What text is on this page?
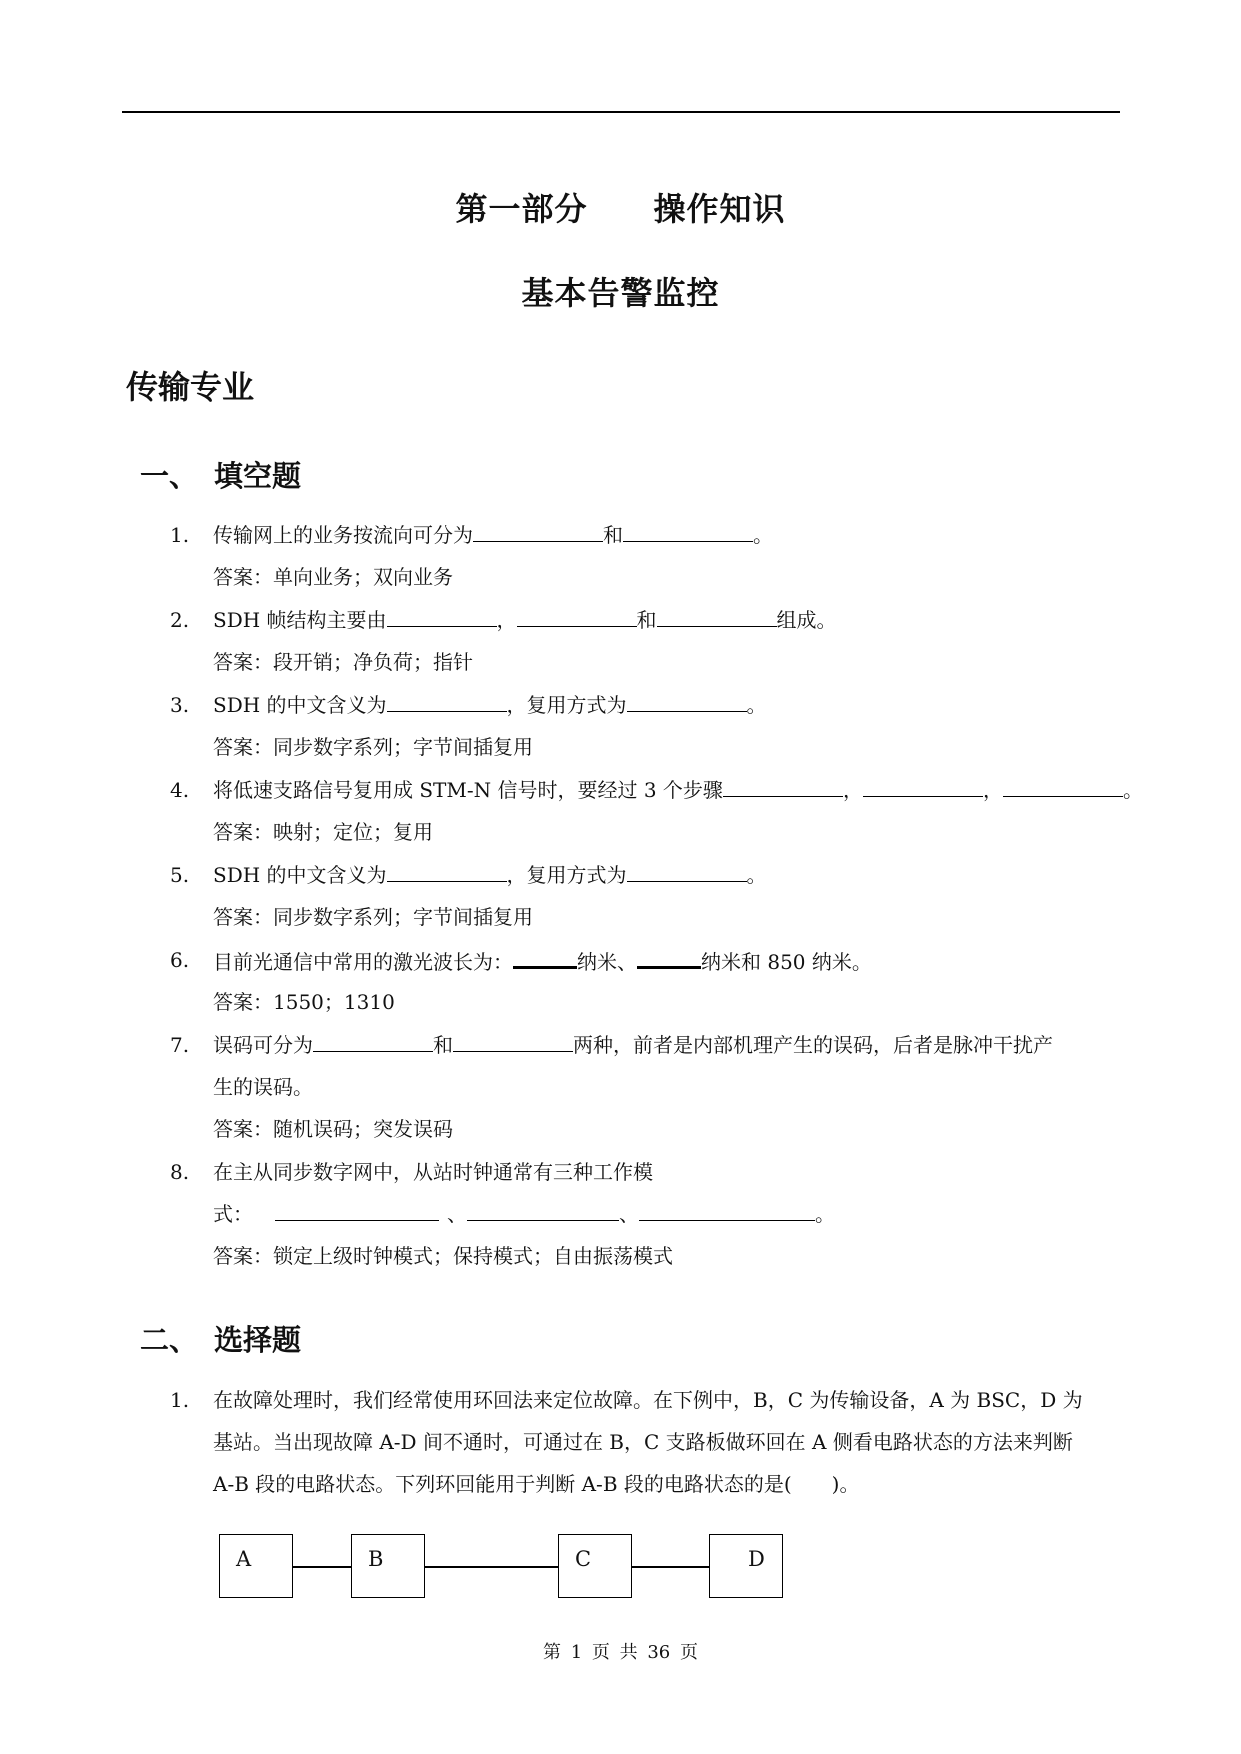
第一部分 操作知识
基本告警监控
传输专业
一、 填空题
1. 传输网上的业务按流向可分为	和	。
答案：单向业务；双向业务
2. SDH 帧结构主要由	，	和	组成。
答案：段开销；净负荷；指针
3. SDH 的中文含义为	，复用方式为	。
答案：同步数字系列；字节间插复用
4. 将低速支路信号复用成 STM-N 信号时，要经过 3 个步骤	，	，	。
答案：映射；定位；复用
5. SDH 的中文含义为	，复用方式为	。
答案：同步数字系列；字节间插复用
6. 目前光通信中常用的激光波长为：	纳米、	纳米和 850 纳米。
答案：1550；1310
7. 误码可分为	和	两种，前者是内部机理产生的误码，后者是脉冲干扰产
生的误码。
答案：随机误码；突发误码
8. 在主从同步数字网中，从站时钟通常有三种工作模
式：	、	、	。
答案：锁定上级时钟模式；保持模式；自由振荡模式
二、 选择题
1. 在故障处理时，我们经常使用环回法来定位故障。在下例中，B，C 为传输设备，A 为 BSC，D 为
基站。当出现故障 A-D 间不通时，可通过在 B，C 支路板做环回在 A 侧看电路状态的方法来判断
A-B 段的电路状态。下列环回能用于判断 A-B 段的电路状态的是(　　)。
A	B	C	D
第 1 页 共 36 页
